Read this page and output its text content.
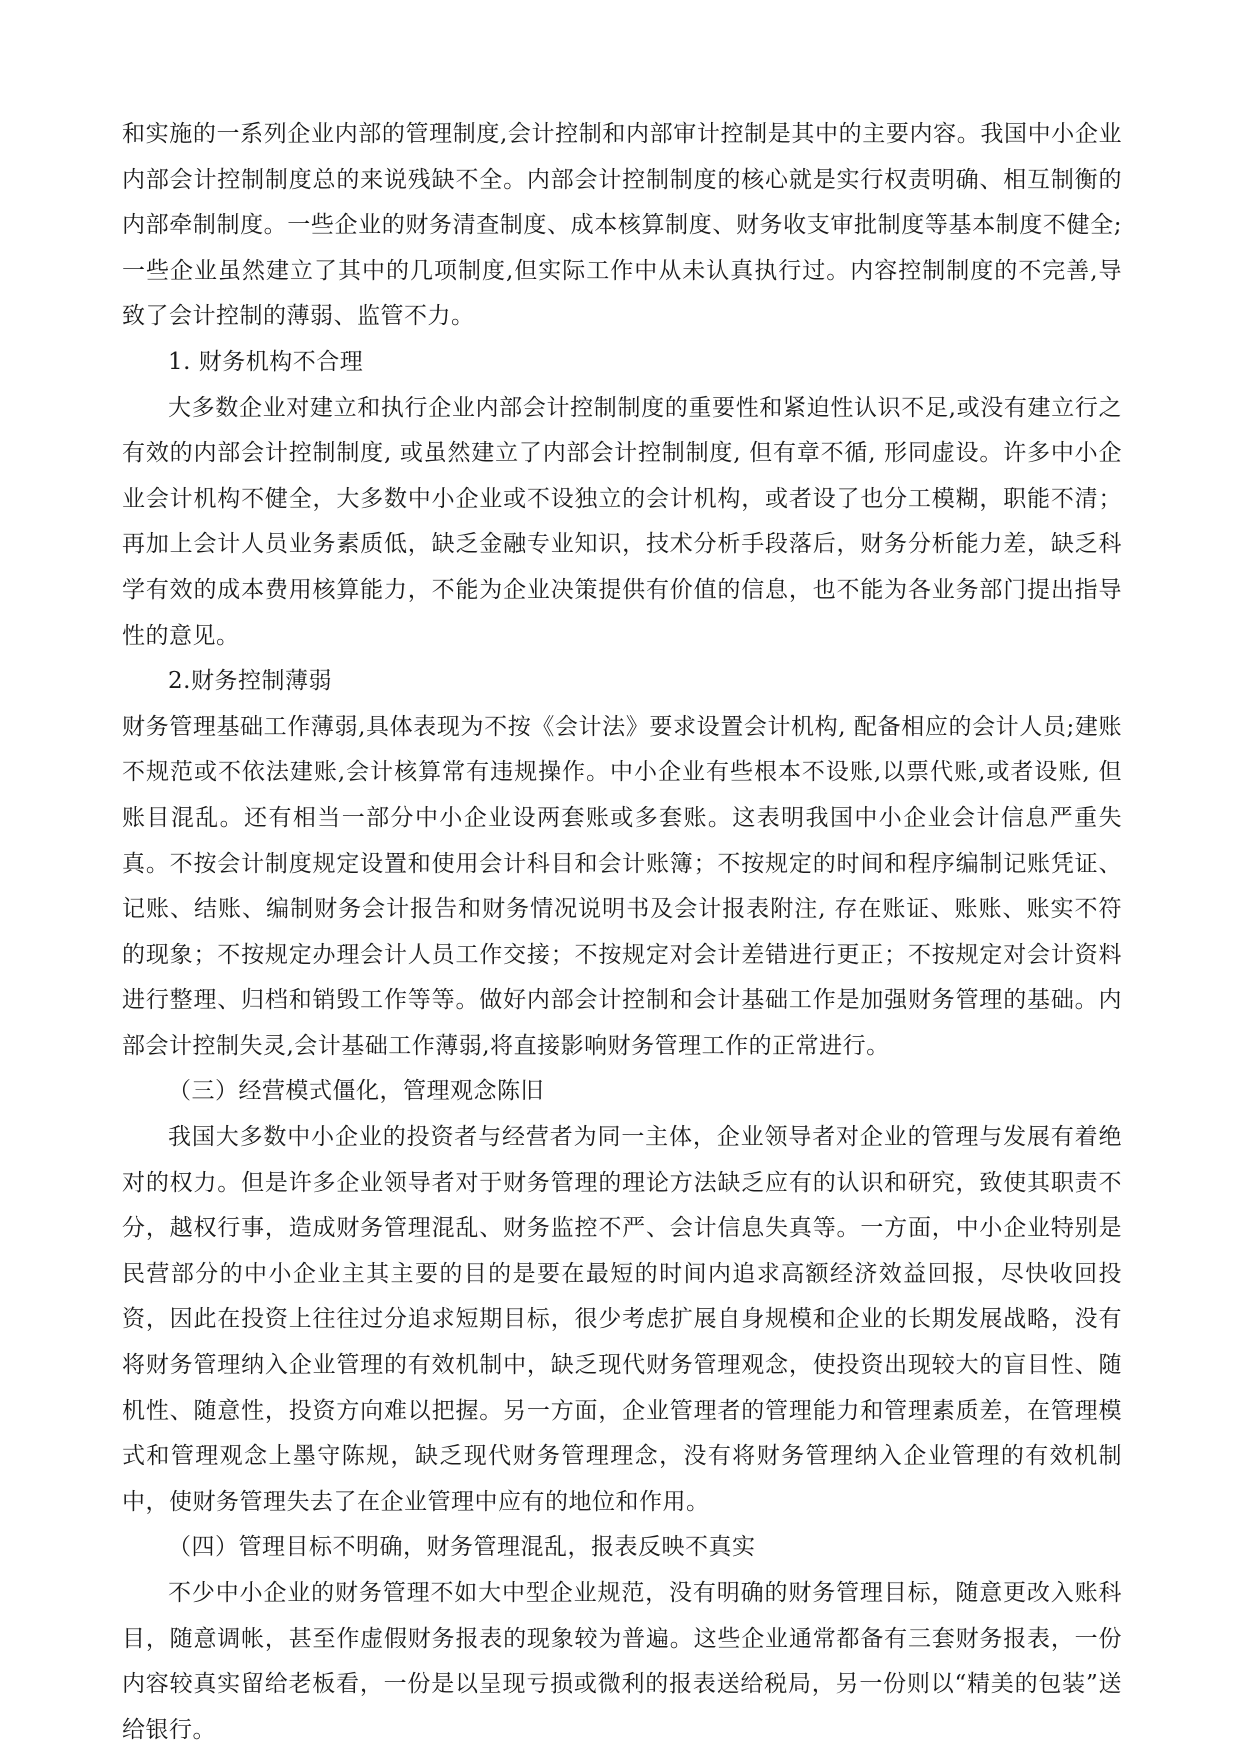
和实施的一系列企业内部的管理制度,会计控制和内部审计控制是其中的主要内容。我国中小企业内部会计控制制度总的来说残缺不全。内部会计控制制度的核心就是实行权责明确、相互制衡的内部牵制制度。一些企业的财务清查制度、成本核算制度、财务收支审批制度等基本制度不健全;一些企业虽然建立了其中的几项制度,但实际工作中从未认真执行过。内容控制制度的不完善,导致了会计控制的薄弱、监管不力。

1. 财务机构不合理

大多数企业对建立和执行企业内部会计控制制度的重要性和紧迫性认识不足,或没有建立行之有效的内部会计控制制度, 或虽然建立了内部会计控制制度, 但有章不循, 形同虚设。许多中小企业会计机构不健全，大多数中小企业或不设独立的会计机构，或者设了也分工模糊，职能不清；再加上会计人员业务素质低，缺乏金融专业知识，技术分析手段落后，财务分析能力差，缺乏科学有效的成本费用核算能力，不能为企业决策提供有价值的信息，也不能为各业务部门提出指导性的意见。

2.财务控制薄弱

财务管理基础工作薄弱,具体表现为不按《会计法》要求设置会计机构, 配备相应的会计人员;建账不规范或不依法建账,会计核算常有违规操作。中小企业有些根本不设账,以票代账,或者设账, 但账目混乱。还有相当一部分中小企业设两套账或多套账。这表明我国中小企业会计信息严重失真。不按会计制度规定设置和使用会计科目和会计账簿；不按规定的时间和程序编制记账凭证、记账、结账、编制财务会计报告和财务情况说明书及会计报表附注, 存在账证、账账、账实不符的现象；不按规定办理会计人员工作交接；不按规定对会计差错进行更正；不按规定对会计资料进行整理、归档和销毁工作等等。做好内部会计控制和会计基础工作是加强财务管理的基础。内部会计控制失灵,会计基础工作薄弱,将直接影响财务管理工作的正常进行。

（三）经营模式僵化，管理观念陈旧

我国大多数中小企业的投资者与经营者为同一主体，企业领导者对企业的管理与发展有着绝对的权力。但是许多企业领导者对于财务管理的理论方法缺乏应有的认识和研究，致使其职责不分，越权行事，造成财务管理混乱、财务监控不严、会计信息失真等。一方面，中小企业特别是民营部分的中小企业主其主要的目的是要在最短的时间内追求高额经济效益回报，尽快收回投资，因此在投资上往往过分追求短期目标，很少考虑扩展自身规模和企业的长期发展战略，没有将财务管理纳入企业管理的有效机制中，缺乏现代财务管理观念，使投资出现较大的盲目性、随机性、随意性，投资方向难以把握。另一方面，企业管理者的管理能力和管理素质差，在管理模式和管理观念上墨守陈规，缺乏现代财务管理理念，没有将财务管理纳入企业管理的有效机制中，使财务管理失去了在企业管理中应有的地位和作用。

（四）管理目标不明确，财务管理混乱，报表反映不真实

不少中小企业的财务管理不如大中型企业规范，没有明确的财务管理目标，随意更改入账科目，随意调帐，甚至作虚假财务报表的现象较为普遍。这些企业通常都备有三套财务报表，一份内容较真实留给老板看，一份是以呈现亏损或微利的报表送给税局，另一份则以“精美的包装”送给银行。
